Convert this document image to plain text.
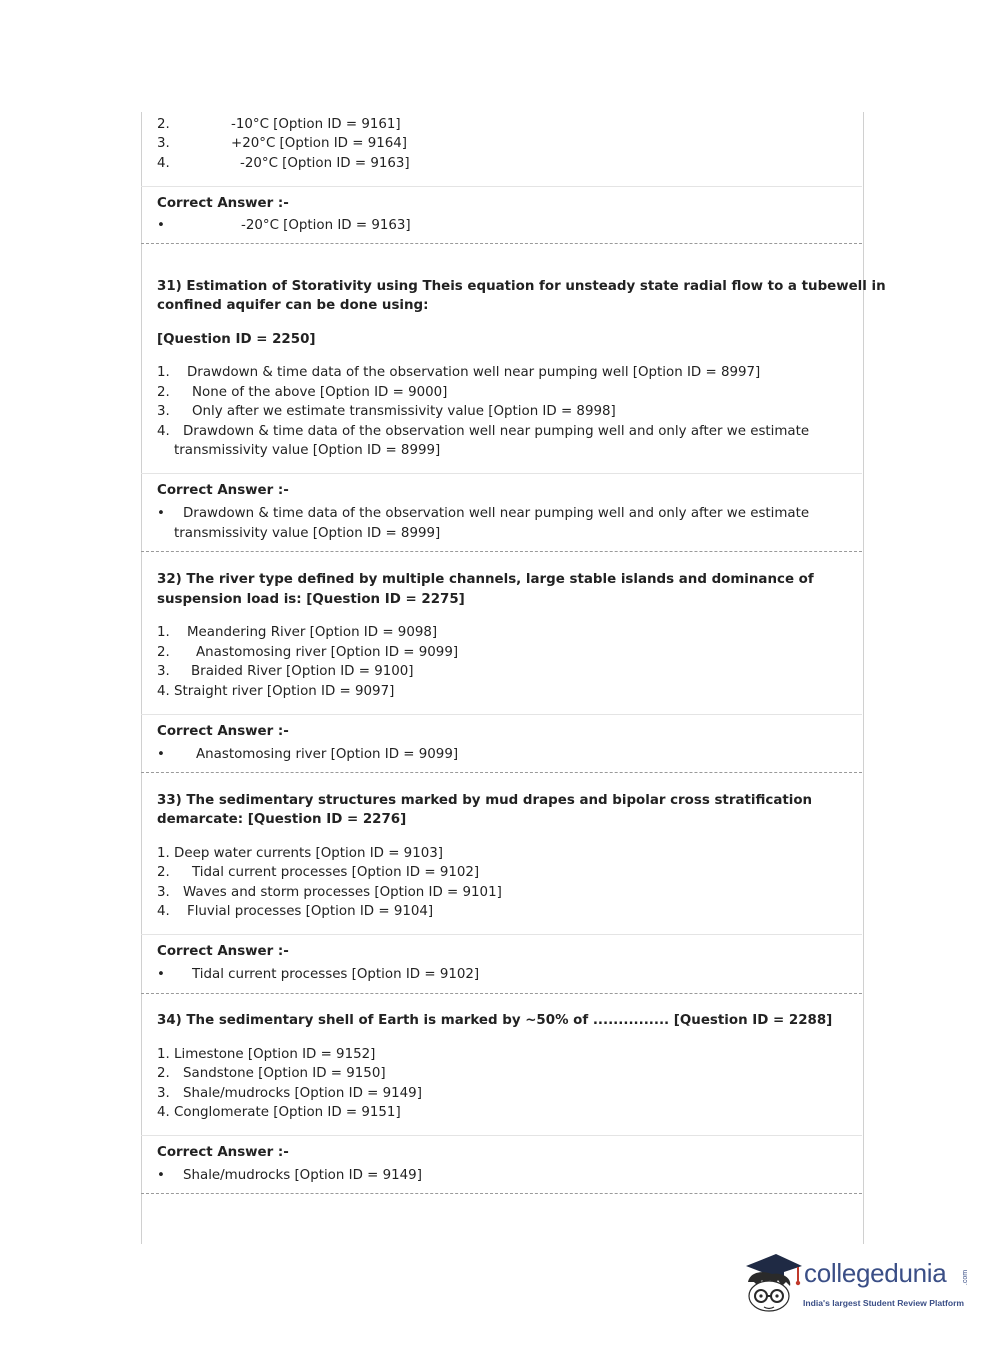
2.	-10°C [Option ID = 9161]
3.	+20°C [Option ID = 9164]
4.	-20°C [Option ID = 9163]
Correct Answer :-
•	-20°C [Option ID = 9163]
31) Estimation of Storativity using Theis equation for unsteady state radial flow to a tubewell in
confined aquifer can be done using:
[Question ID = 2250]
1. Drawdown & time data of the observation well near pumping well [Option ID = 8997]
2. None of the above [Option ID = 9000]
3. Only after we estimate transmissivity value [Option ID = 8998]
4. Drawdown & time data of the observation well near pumping well and only after we estimate
transmissivity value [Option ID = 8999]
Correct Answer :-
• Drawdown & time data of the observation well near pumping well and only after we estimate
transmissivity value [Option ID = 8999]
32) The river type defined by multiple channels, large stable islands and dominance of
suspension load is: [Question ID = 2275]
1. Meandering River [Option ID = 9098]
2. Anastomosing river [Option ID = 9099]
3. Braided River [Option ID = 9100]
4. Straight river [Option ID = 9097]
Correct Answer :-
• Anastomosing river [Option ID = 9099]
33) The sedimentary structures marked by mud drapes and bipolar cross stratification
demarcate: [Question ID = 2276]
1. Deep water currents [Option ID = 9103]
2. Tidal current processes [Option ID = 9102]
3. Waves and storm processes [Option ID = 9101]
4. Fluvial processes [Option ID = 9104]
Correct Answer :-
• Tidal current processes [Option ID = 9102]
34) The sedimentary shell of Earth is marked by ~50% of ............... [Question ID = 2288]
1. Limestone [Option ID = 9152]
2. Sandstone [Option ID = 9150]
3. Shale/mudrocks [Option ID = 9149]
4. Conglomerate [Option ID = 9151]
Correct Answer :-
• Shale/mudrocks [Option ID = 9149]
collegedunia .com
India's largest Student Review Platform
